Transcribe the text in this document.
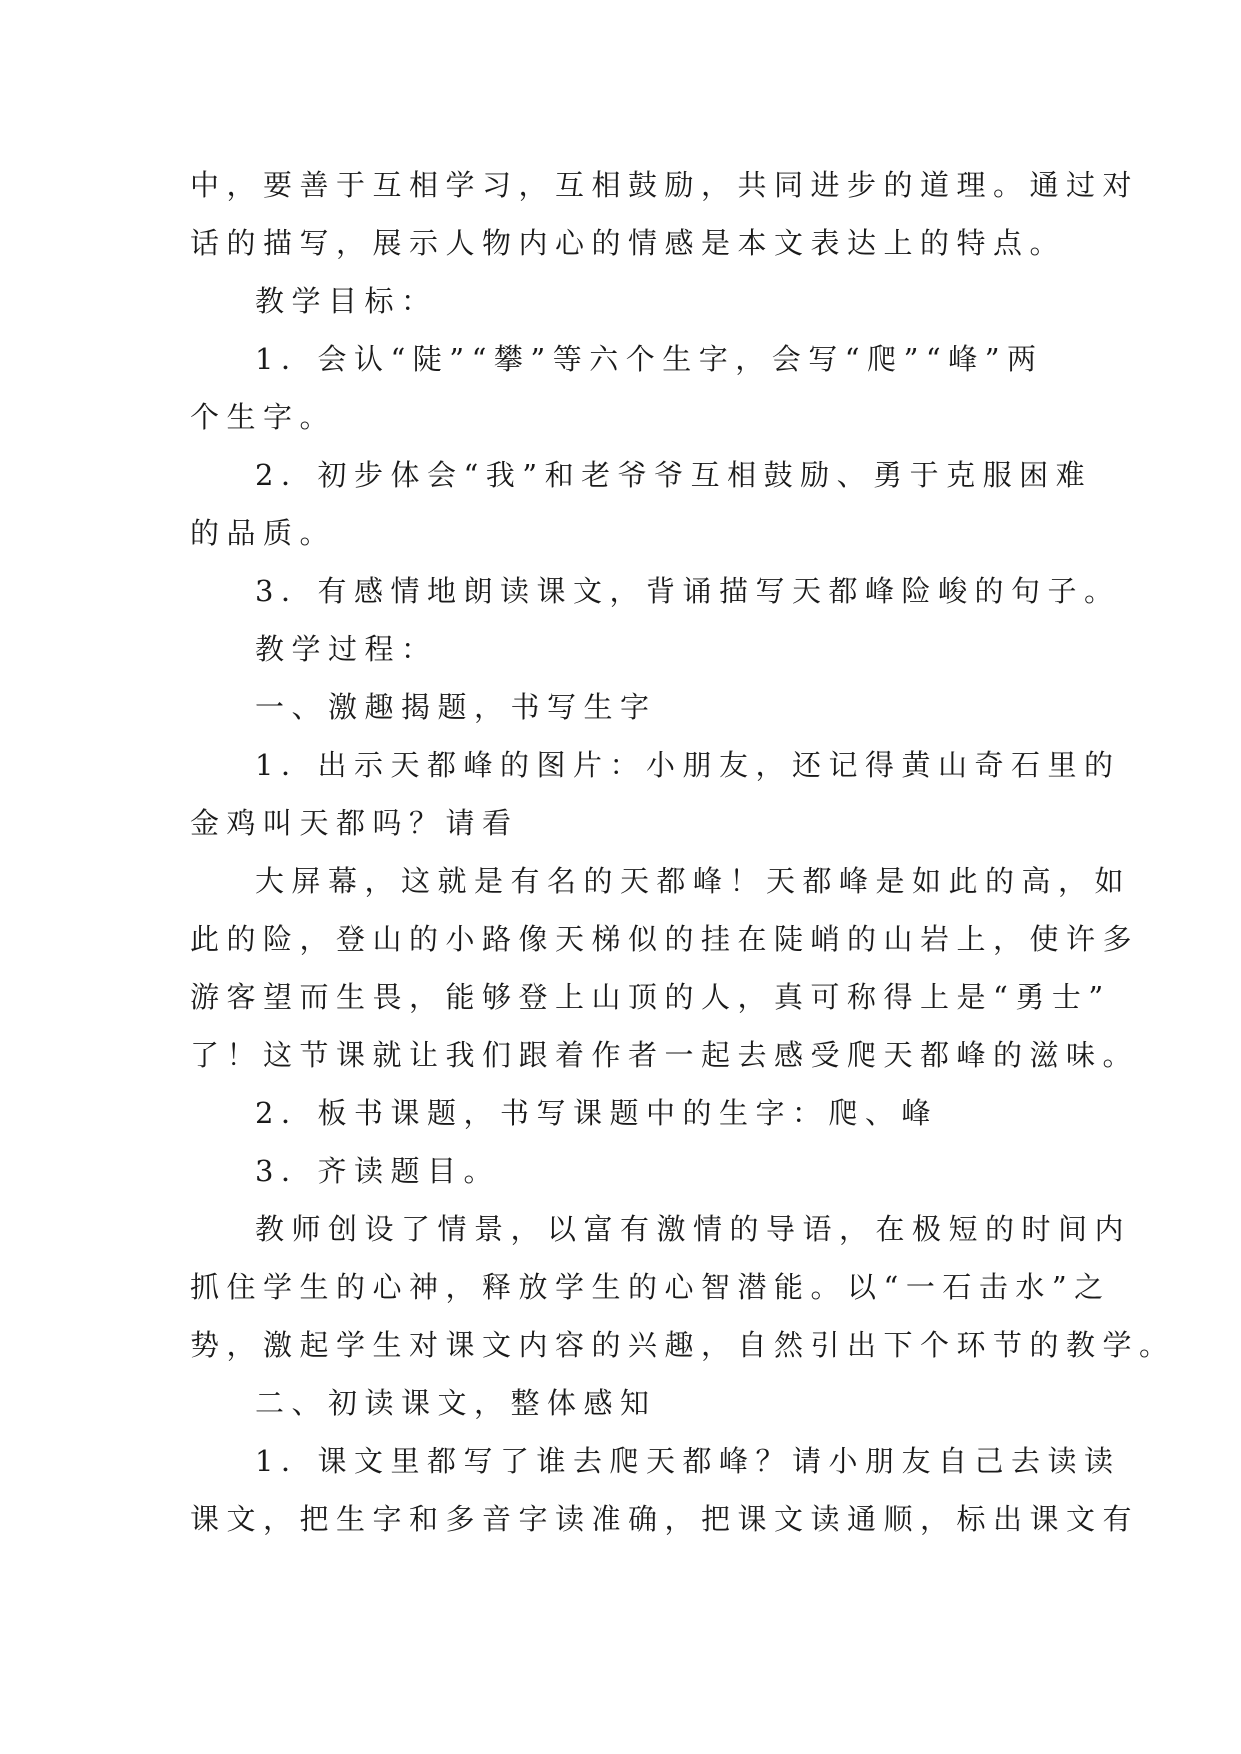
中，要善于互相学习，互相鼓励，共同进步的道理。通过对
话的描写，展示人物内心的情感是本文表达上的特点。
教学目标：
1．会认“陡”“攀”等六个生字，会写“爬”“峰”两
个生字。
2．初步体会“我”和老爷爷互相鼓励、勇于克服困难
的品质。
3．有感情地朗读课文，背诵描写天都峰险峻的句子。
教学过程：
一、激趣揭题，书写生字
1．出示天都峰的图片：小朋友，还记得黄山奇石里的
金鸡叫天都吗？请看
大屏幕，这就是有名的天都峰！天都峰是如此的高，如
此的险，登山的小路像天梯似的挂在陡峭的山岩上，使许多
游客望而生畏，能够登上山顶的人，真可称得上是“勇士”
了！这节课就让我们跟着作者一起去感受爬天都峰的滋味。
2．板书课题，书写课题中的生字：爬、峰
3．齐读题目。
教师创设了情景，以富有激情的导语，在极短的时间内
抓住学生的心神，释放学生的心智潜能。以“一石击水”之
势，激起学生对课文内容的兴趣，自然引出下个环节的教学。
二、初读课文，整体感知
1．课文里都写了谁去爬天都峰？请小朋友自己去读读
课文，把生字和多音字读准确，把课文读通顺，标出课文有
